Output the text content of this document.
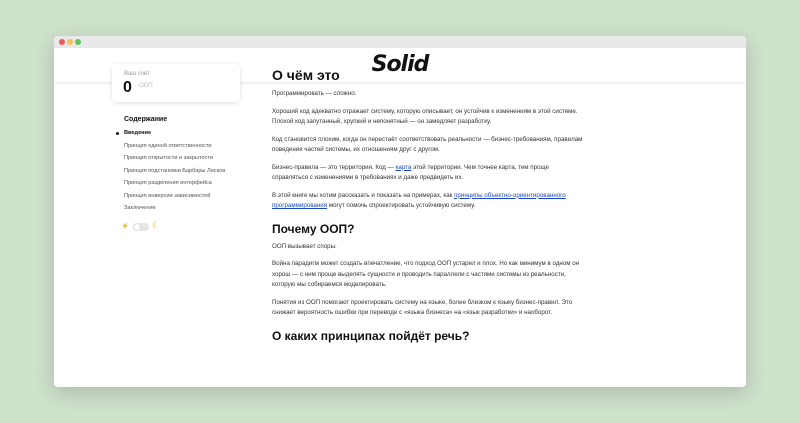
Solid
Ваш счёт
0 ООП
Содержание
Введение
Принцип единой ответственности
Принцип открытости и закрытости
Принцип подстановки Барбары Лисков
Принцип разделения интерфейса
Принцип инверсии зависимостей
Заключение
☀	☾
О чём это

Программировать — сложно.

Хороший код адекватно отражает систему, которую описывает, он устойчив к изменениям в этой системе. Плохой код запутанный, хрупкий и непонятный — он замедляет разработку.

Код становится плохим, когда он перестаёт соответствовать реальности — бизнес-требованиям, правилам поведения частей системы, их отношениям друг с другом.

Бизнес-правила — это территория. Код — карта этой территории. Чем точнее карта, тем проще справляться с изменениями в требованиях и даже предвидеть их.

В этой книге мы хотим рассказать и показать на примерах, как принципы объектно-ориентированного программирования могут помочь спроектировать устойчивую систему.

Почему ООП?

ООП вызывает споры.

Война парадигм может создать впечатление, что подход ООП устарел и плох. Но как минимум в одном он хорош — с ним проще выделять сущности и проводить параллели с частями системы из реальности, которую мы собираемся моделировать.

Понятия из ООП помогают проектировать систему на языке, более близком к языку бизнес-правил. Это снижает вероятность ошибки при переводе с «языка бизнеса» на «язык разработки» и наоборот.

О каких принципах пойдёт речь?
